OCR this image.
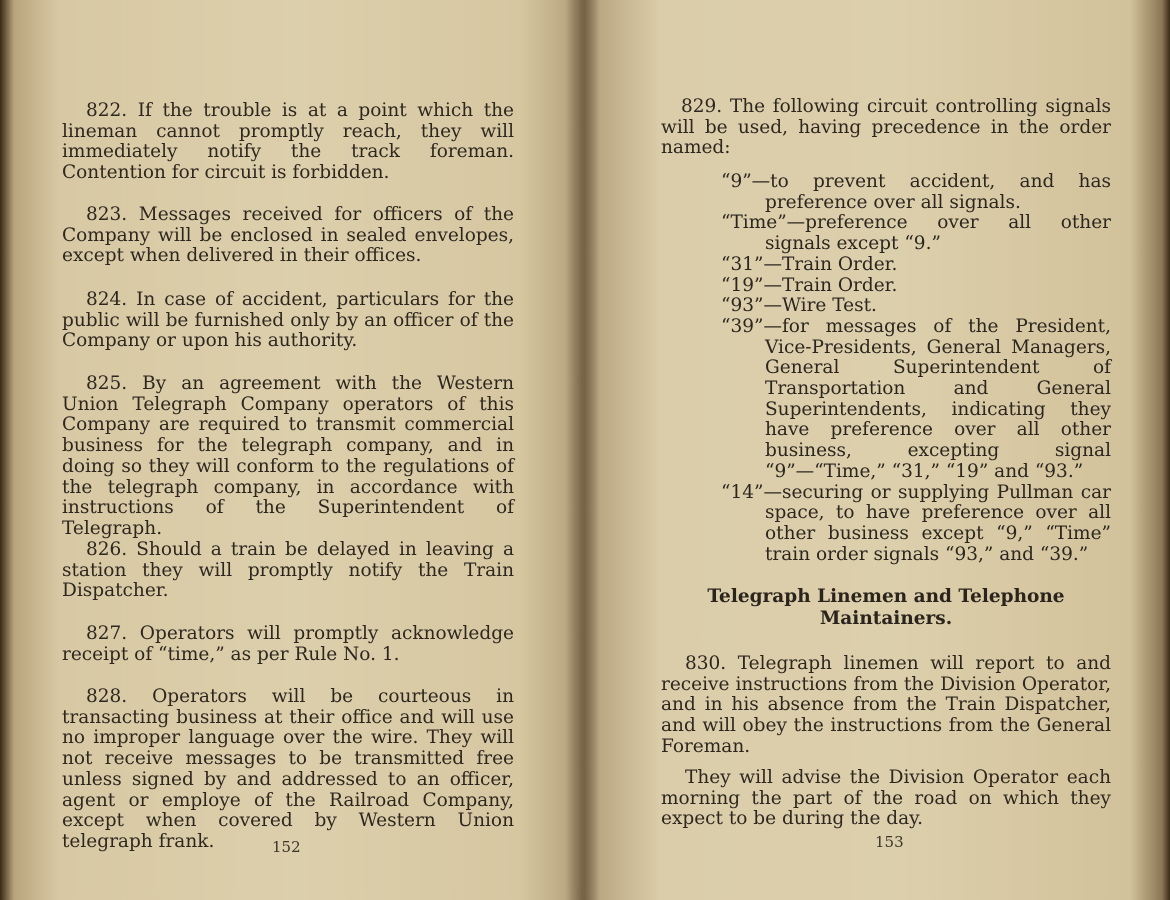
822. If the trouble is at a point which the lineman cannot promptly reach, they will immediately notify the track foreman. Contention for circuit is forbidden.

823. Messages received for officers of the Company will be enclosed in sealed envelopes, except when delivered in their offices.

824. In case of accident, particulars for the public will be furnished only by an officer of the Company or upon his authority.

825. By an agreement with the Western Union Telegraph Company operators of this Company are required to transmit commercial business for the telegraph company, and in doing so they will conform to the regulations of the telegraph company, in accordance with instructions of the Superintendent of Telegraph.

826. Should a train be delayed in leaving a station they will promptly notify the Train Dispatcher.

827. Operators will promptly acknowledge receipt of “time,” as per Rule No. 1.

828. Operators will be courteous in transacting business at their office and will use no improper language over the wire. They will not receive messages to be transmitted free unless signed by and addressed to an officer, agent or employe of the Railroad Company, except when covered by Western Union telegraph frank.	152

829. The following circuit controlling signals will be used, having precedence in the order named:

“9”—to prevent accident, and has preference over all signals.
“Time”—preference over all other signals except “9.”
“31”—Train Order.
“19”—Train Order.
“93”—Wire Test.
“39”—for messages of the President, Vice-Presidents, General Managers, General Superintendent of Transportation and General Superintendents, indicating they have preference over all other business, excepting signal “9”—“Time,” “31,” “19” and “93.”
“14”—securing or supplying Pullman car space, to have preference over all other business except “9,” “Time” train order signals “93,” and “39.”
Telegraph Linemen and Telephone
Maintainers.

830. Telegraph linemen will report to and receive instructions from the Division Operator, and in his absence from the Train Dispatcher, and will obey the instructions from the General Foreman.

They will advise the Division Operator each morning the part of the road on which they expect to be during the day.

153
